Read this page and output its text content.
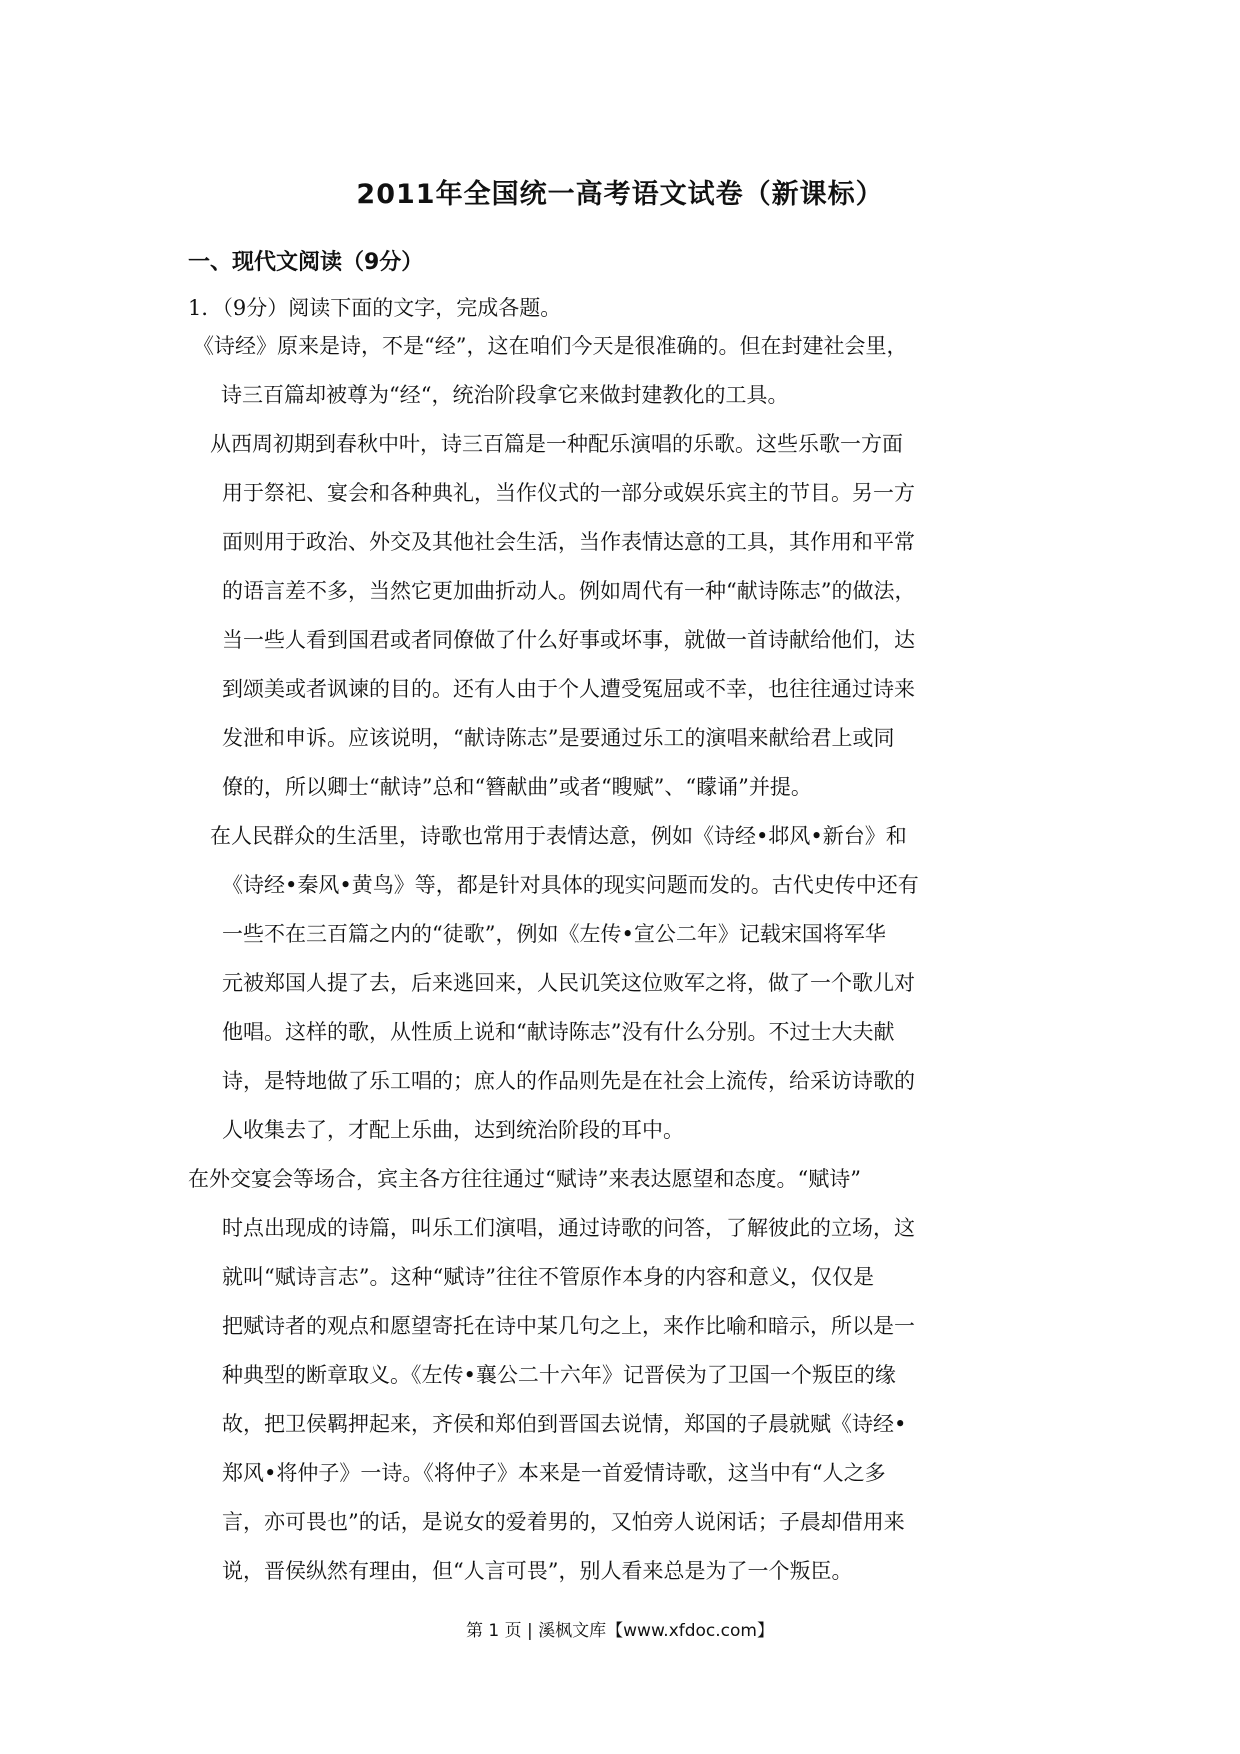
2011年全国统一高考语文试卷（新课标）
一、现代文阅读（9分）
1．（9分）阅读下面的文字，完成各题。
《诗经》原来是诗，不是“经”，这在咱们今天是很准确的。但在封建社会里，
诗三百篇却被尊为“经“，统治阶段拿它来做封建教化的工具。
从西周初期到春秋中叶，诗三百篇是一种配乐演唱的乐歌。这些乐歌一方面
用于祭祀、宴会和各种典礼，当作仪式的一部分或娱乐宾主的节目。另一方
面则用于政治、外交及其他社会生活，当作表情达意的工具，其作用和平常
的语言差不多，当然它更加曲折动人。例如周代有一种“献诗陈志”的做法，
当一些人看到国君或者同僚做了什么好事或坏事，就做一首诗献给他们，达
到颂美或者讽谏的目的。还有人由于个人遭受冤屈或不幸，也往往通过诗来
发泄和申诉。应该说明，“献诗陈志”是要通过乐工的演唱来献给君上或同
僚的，所以卿士“献诗”总和“簪献曲”或者“瞍赋”、“矇诵”并提。
在人民群众的生活里，诗歌也常用于表情达意，例如《诗经•邶风•新台》和
《诗经•秦风•黄鸟》等，都是针对具体的现实问题而发的。古代史传中还有
一些不在三百篇之内的“徒歌”，例如《左传•宣公二年》记载宋国将军华
元被郑国人提了去，后来逃回来，人民讥笑这位败军之将，做了一个歌儿对
他唱。这样的歌，从性质上说和“献诗陈志”没有什么分别。不过士大夫献
诗，是特地做了乐工唱的；庶人的作品则先是在社会上流传，给采访诗歌的
人收集去了，才配上乐曲，达到统治阶段的耳中。
在外交宴会等场合，宾主各方往往通过“赋诗”来表达愿望和态度。“赋诗”
时点出现成的诗篇，叫乐工们演唱，通过诗歌的问答，了解彼此的立场，这
就叫“赋诗言志”。这种“赋诗”往往不管原作本身的内容和意义，仅仅是
把赋诗者的观点和愿望寄托在诗中某几句之上，来作比喻和暗示，所以是一
种典型的断章取义。《左传•襄公二十六年》记晋侯为了卫国一个叛臣的缘
故，把卫侯羁押起来，齐侯和郑伯到晋国去说情，郑国的子晨就赋《诗经•
郑风•将仲子》一诗。《将仲子》本来是一首爱情诗歌，这当中有“人之多
言，亦可畏也”的话，是说女的爱着男的，又怕旁人说闲话；子晨却借用来
说，晋侯纵然有理由，但“人言可畏”，别人看来总是为了一个叛臣。
第 1 页 | 溪枫文库【www.xfdoc.com】
